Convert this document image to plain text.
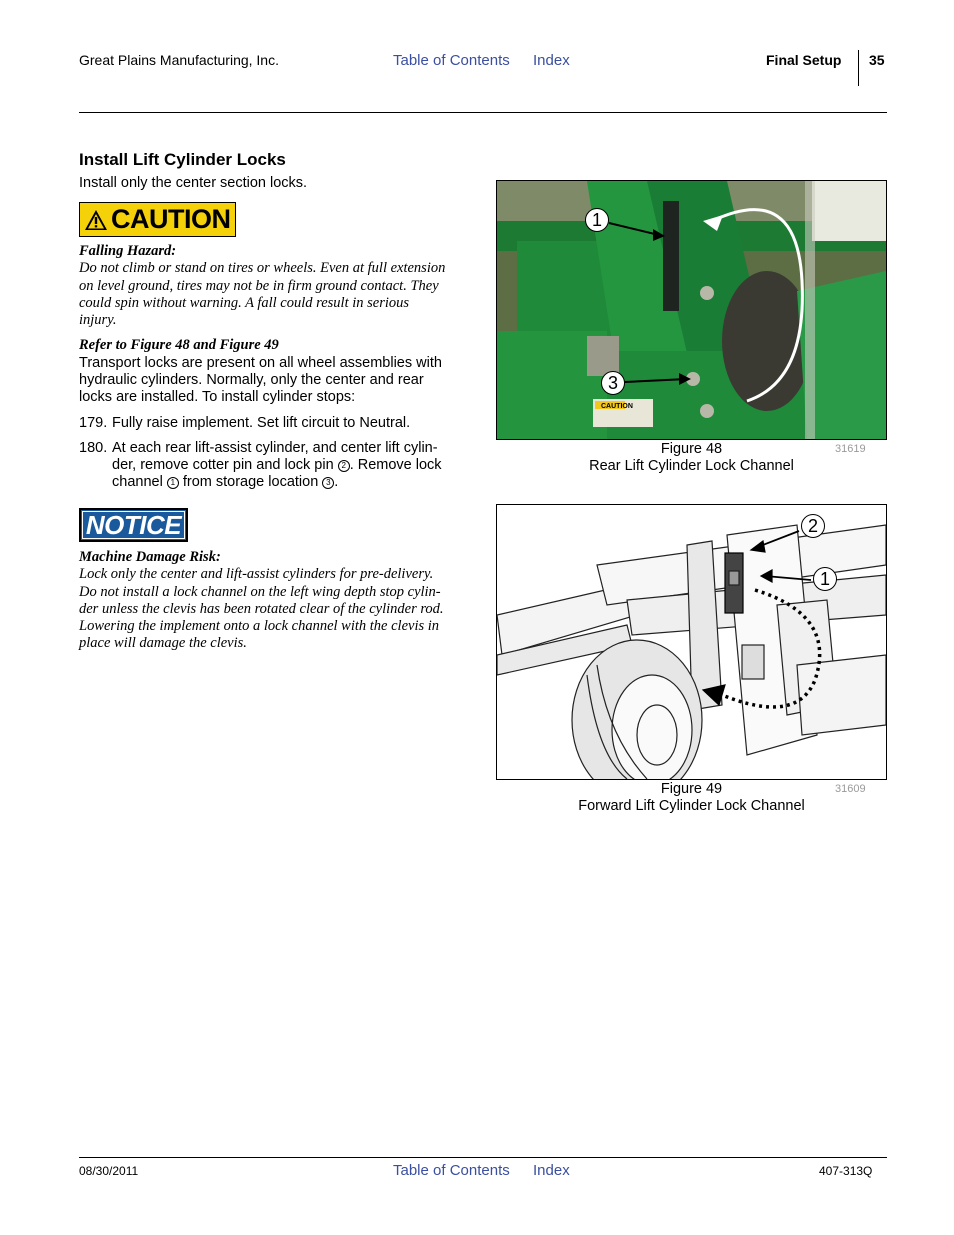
Great Plains Manufacturing, Inc.	Table of Contents Index	Final Setup 35
Install Lift Cylinder Locks
Install only the center section locks.
CAUTION
Falling Hazard:
Do not climb or stand on tires or wheels. Even at full extension
on level ground, tires may not be in firm ground contact. They
could spin without warning. A fall could result in serious
injury.
Refer to Figure 48 and Figure 49
Transport locks are present on all wheel assemblies with
hydraulic cylinders. Normally, only the center and rear
locks are installed. To install cylinder stops:
179. Fully raise implement. Set lift circuit to Neutral.
180. At each rear lift-assist cylinder, and center lift cylin-
der, remove cotter pin and lock pin 2 . Remove lock
channel 1 from storage location 3 .
NOTICE
Machine Damage Risk:
Lock only the center and lift-assist cylinders for pre-delivery.
Do not install a lock channel on the left wing depth stop cylin-
der unless the clevis has been rotated clear of the cylinder rod.
Lowering the implement onto a lock channel with the clevis in
place will damage the clevis.
1
3
CAUTION
Figure 48	31619
Rear Lift Cylinder Lock Channel
2
1
Figure 49	31609
Forward Lift Cylinder Lock Channel
08/30/2011	Table of Contents Index	407-313Q
